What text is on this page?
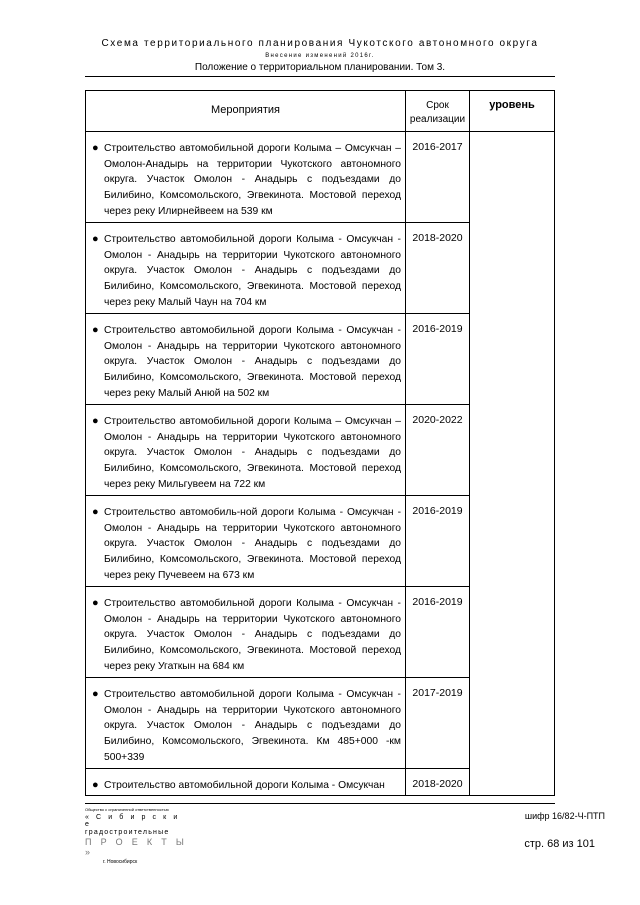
Схема территориального планирования Чукотского автономного округа
Внесение изменений 2016г.
Положение о территориальном планировании. Том 3.
Мероприятия	Срок реализации	уровень

● Строительство автомобильной дороги Колыма – Омсукчан – Омолон-Анадырь на территории Чукотского автономного округа. Участок Омолон - Анадырь с подъездами до Билибино, Комсомольского, Эгвекинота. Мостовой переход через реку Илирнейвеем на 539 км	2016-2017	

● Строительство автомобильной дороги Колыма - Омсукчан - Омолон - Анадырь на территории Чукотского автономного округа. Участок Омолон - Анадырь с подъездами до Билибино, Комсомольского, Эгвекинота. Мостовой переход через реку Малый Чаун на 704 км	2018-2020	

● Строительство автомобильной дороги Колыма - Омсукчан - Омолон - Анадырь на территории Чукотского автономного округа. Участок Омолон - Анадырь с подъездами до Билибино, Комсомольского, Эгвекинота. Мостовой переход через реку Малый Анюй на 502 км	2016-2019	

● Строительство автомобильной дороги Колыма – Омсукчан – Омолон - Анадырь на территории Чукотского автономного округа. Участок Омолон - Анадырь с подъездами до Билибино, Комсомольского, Эгвекинота. Мостовой переход через реку Мильгувеем на 722 км	2020-2022	

● Строительство автомобиль-ной дороги Колыма - Омсукчан - Омолон - Анадырь на территории Чукотского автономного округа. Участок Омолон - Анадырь с подъездами до Билибино, Комсомольского, Эгвекинота. Мостовой переход через реку Пучевеем на 673 км	2016-2019	

● Строительство автомобильной дороги Колыма - Омсукчан - Омолон - Анадырь на территории Чукотского автономного округа. Участок Омолон - Анадырь с подъездами до Билибино, Комсомольского, Эгвекинота. Мостовой переход через реку Угаткын на 684 км	2016-2019	

● Строительство автомобильной дороги Колыма - Омсукчан - Омолон - Анадырь на территории Чукотского автономного округа. Участок Омолон - Анадырь с подъездами до Билибино, Комсомольского, Эгвекинота. Км 485+000 -км 500+339	2017-2019	

● Строительство автомобильной дороги Колыма - Омсукчан	2018-2020	
Общество с ограниченной ответственностью
« С и б и р с к и е
градостроительные
П Р О Е К Т Ы »
г. Новосибирск
шифр 16/82-Ч-ПТП
стр. 68 из 101
